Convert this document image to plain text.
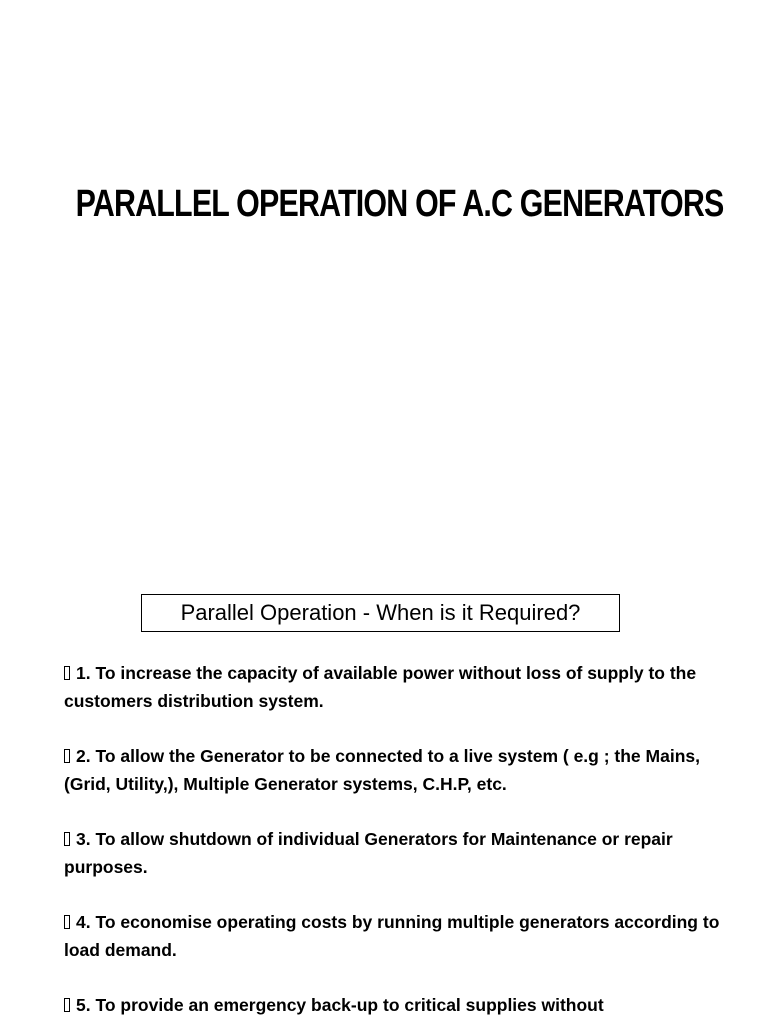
PARALLEL OPERATION OF A.C GENERATORS
Parallel Operation - When is it Required?
1. To increase the capacity of available power without loss of supply to the customers distribution system.
2. To allow the Generator to be connected to a live system ( e.g ; the Mains, (Grid, Utility,), Multiple Generator systems, C.H.P, etc.
3. To allow shutdown of individual Generators for Maintenance or repair purposes.
4. To economise operating costs by running multiple generators according to load demand.
5. To provide an emergency back-up to critical supplies without
